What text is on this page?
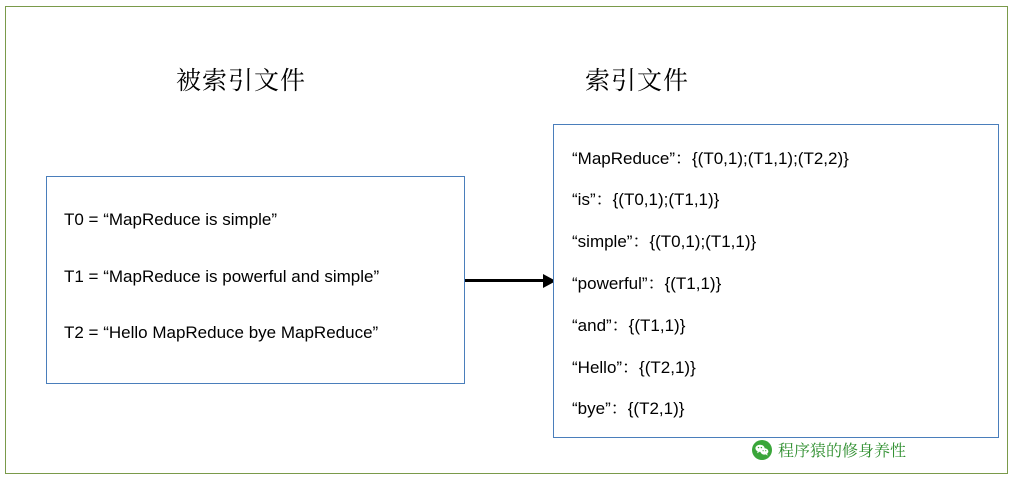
被索引文件	索引文件
T0 = “MapReduce is simple”
T1 = “MapReduce is powerful and simple”
T2 = “Hello MapReduce bye MapReduce”
“MapReduce”：{(T0,1);(T1,1);(T2,2)}
“is”：{(T0,1);(T1,1)}
“simple”：{(T0,1);(T1,1)}
“powerful”：{(T1,1)}
“and”：{(T1,1)}
“Hello”：{(T2,1)}
“bye”：{(T2,1)}
程序猿的修身养性
